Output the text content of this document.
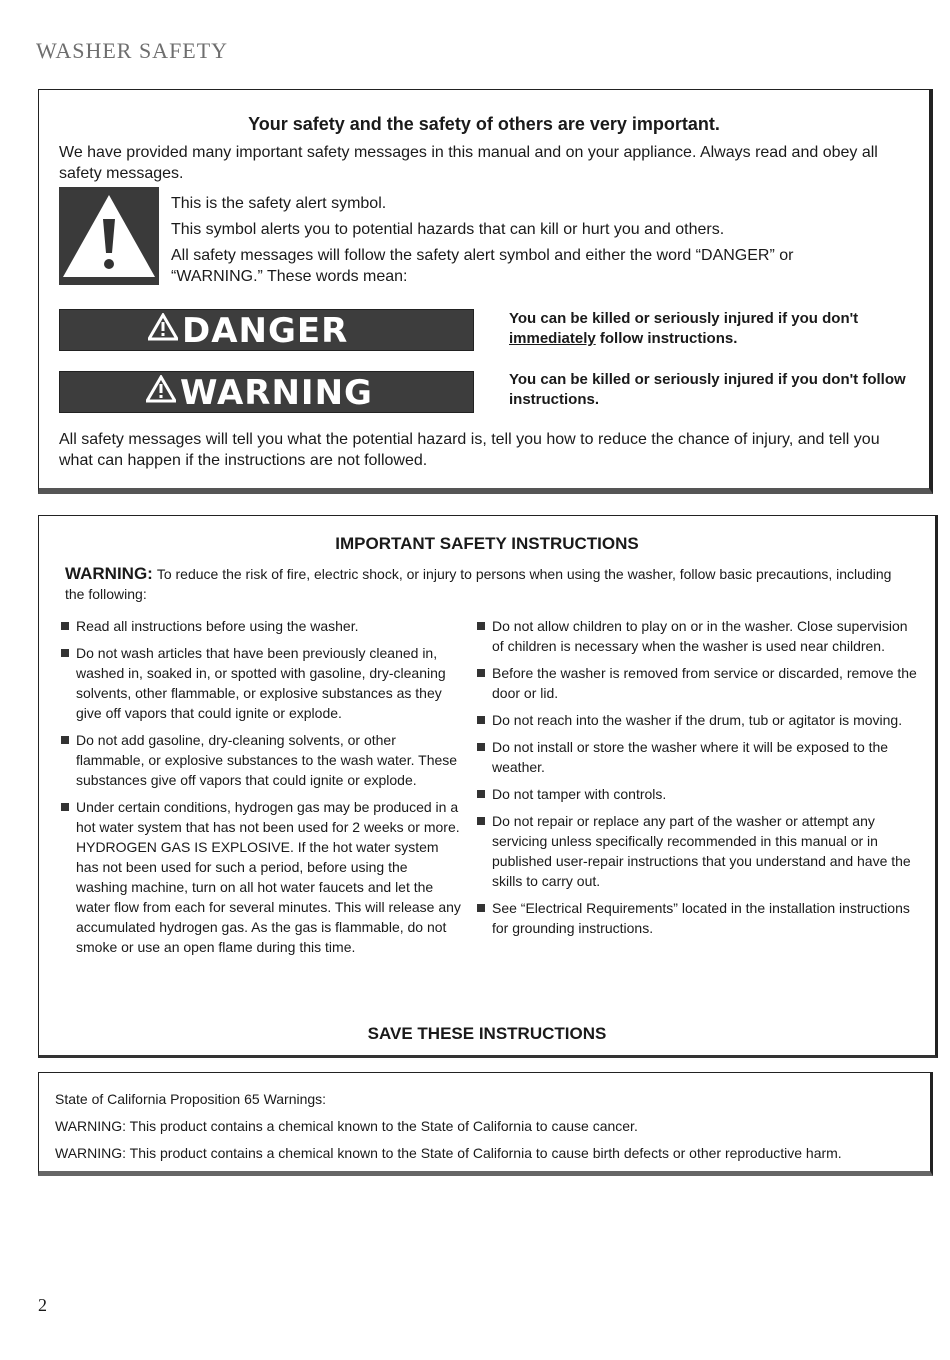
WASHER SAFETY
Your safety and the safety of others are very important.
We have provided many important safety messages in this manual and on your appliance. Always read and obey all safety messages.

This is the safety alert symbol.

This symbol alerts you to potential hazards that can kill or hurt you and others.

All safety messages will follow the safety alert symbol and either the word “DANGER” or “WARNING.” These words mean:

DANGER	You can be killed or seriously injured if you don't immediately follow instructions.
WARNING	You can be killed or seriously injured if you don't follow instructions.
All safety messages will tell you what the potential hazard is, tell you how to reduce the chance of injury, and tell you what can happen if the instructions are not followed.
IMPORTANT SAFETY INSTRUCTIONS
WARNING: To reduce the risk of fire, electric shock, or injury to persons when using the washer, follow basic precautions, including the following:
Read all instructions before using the washer.
Do not wash articles that have been previously cleaned in, washed in, soaked in, or spotted with gasoline, dry-cleaning solvents, other flammable, or explosive substances as they give off vapors that could ignite or explode.
Do not add gasoline, dry-cleaning solvents, or other flammable, or explosive substances to the wash water. These substances give off vapors that could ignite or explode.
Under certain conditions, hydrogen gas may be produced in a hot water system that has not been used for 2 weeks or more. HYDROGEN GAS IS EXPLOSIVE. If the hot water system has not been used for such a period, before using the washing machine, turn on all hot water faucets and let the water flow from each for several minutes. This will release any accumulated hydrogen gas. As the gas is flammable, do not smoke or use an open flame during this time.
Do not allow children to play on or in the washer. Close supervision of children is necessary when the washer is used near children.
Before the washer is removed from service or discarded, remove the door or lid.
Do not reach into the washer if the drum, tub or agitator is moving.
Do not install or store the washer where it will be exposed to the weather.
Do not tamper with controls.
Do not repair or replace any part of the washer or attempt any servicing unless specifically recommended in this manual or in published user-repair instructions that you understand and have the skills to carry out.
See “Electrical Requirements” located in the installation instructions for grounding instructions.
SAVE THESE INSTRUCTIONS

State of California Proposition 65 Warnings:

WARNING: This product contains a chemical known to the State of California to cause cancer.

WARNING: This product contains a chemical known to the State of California to cause birth defects or other reproductive harm.

2
